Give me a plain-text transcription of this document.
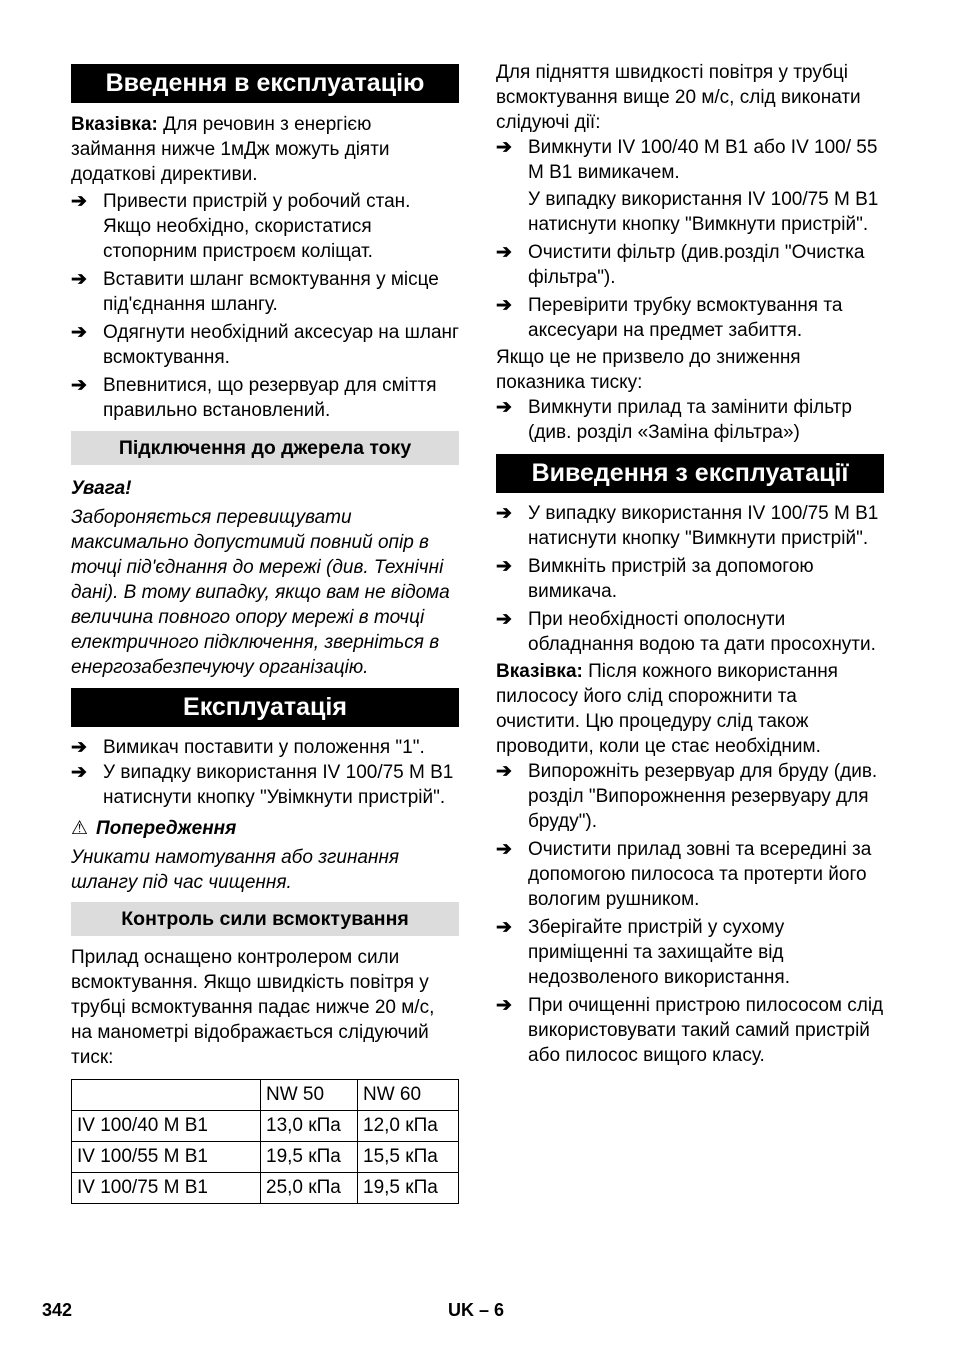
Введення в експлуатацію

Вказівка: Для речовин з енергією займання нижче 1мДж можуть діяти додаткові директиви.

➔ Привести пристрій у робочий стан. Якщо необхідно, скористатися стопорним пристроєм коліщат.
➔ Вставити шланг всмоктування у місце під'єднання шлангу.
➔ Одягнути необхідний аксесуар на шланг всмоктування.
➔ Впевнитися, що резервуар для сміття правильно встановлений.
Підключення до джерела току

Увага!

Забороняється перевищувати максимально допустимий повний опір в точці під'єднання до мережі (див. Технічні дані). В тому випадку, якщо вам не відома величина повного опору мережі в точці електричного підключення, зверніться в енергозабезпечуючу організацію.

Експлуатація
➔ Вимикач поставити у положення "1".
➔ У випадку використання IV 100/75 M B1 натиснути кнопку "Увімкнути пристрій".
⚠ Попередження

Уникати намотування або згинання шлангу під час чищення.

Контроль сили всмоктування

Прилад оснащено контролером сили всмоктування. Якщо швидкість повітря у трубці всмоктування падає нижче 20 м/с, на манометрі відображається слідуючий тиск:

	NW 50	NW 60
IV 100/40 M B1	13,0 кПа	12,0 кПа
IV 100/55 M B1	19,5 кПа	15,5 кПа
IV 100/75 M B1	25,0 кПа	19,5 кПа

Для підняття швидкості повітря у трубці всмоктування вище 20 м/с, слід виконати слідуючі дії:

➔ Вимкнути IV 100/40 M B1 або IV 100/ 55 M B1 вимикачем.

У випадку використання IV 100/75 M B1 натиснути кнопку "Вимкнути пристрій".

➔ Очистити фільтр (див.розділ "Очистка фільтра").
➔ Перевірити трубку всмоктування та аксесуари на предмет забиття.

Якщо це не призвело до зниження показника тиску:

➔ Вимкнути прилад та замінити фільтр (див. розділ «Заміна фільтра»)
Виведення з експлуатації
➔ У випадку використання IV 100/75 M B1 натиснути кнопку "Вимкнути пристрій".
➔ Вимкніть пристрій за допомогою вимикача.
➔ При необхідності ополоснути обладнання водою та дати просохнути.

Вказівка: Після кожного використання пилососу його слід спорожнити та очистити. Цю процедуру слід також проводити, коли це стає необхідним.

➔ Випорожніть резервуар для бруду (див. розділ "Випорожнення резервуару для бруду").
➔ Очистити прилад зовні та всередині за допомогою пилососа та протерти його вологим рушником.
➔ Зберігайте пристрій у сухому приміщенні та захищайте від недозволеного використання.
➔ При очищенні пристрою пилососом слід використовувати такий самий пристрій або пилосос вищого класу.
342	UK – 6
